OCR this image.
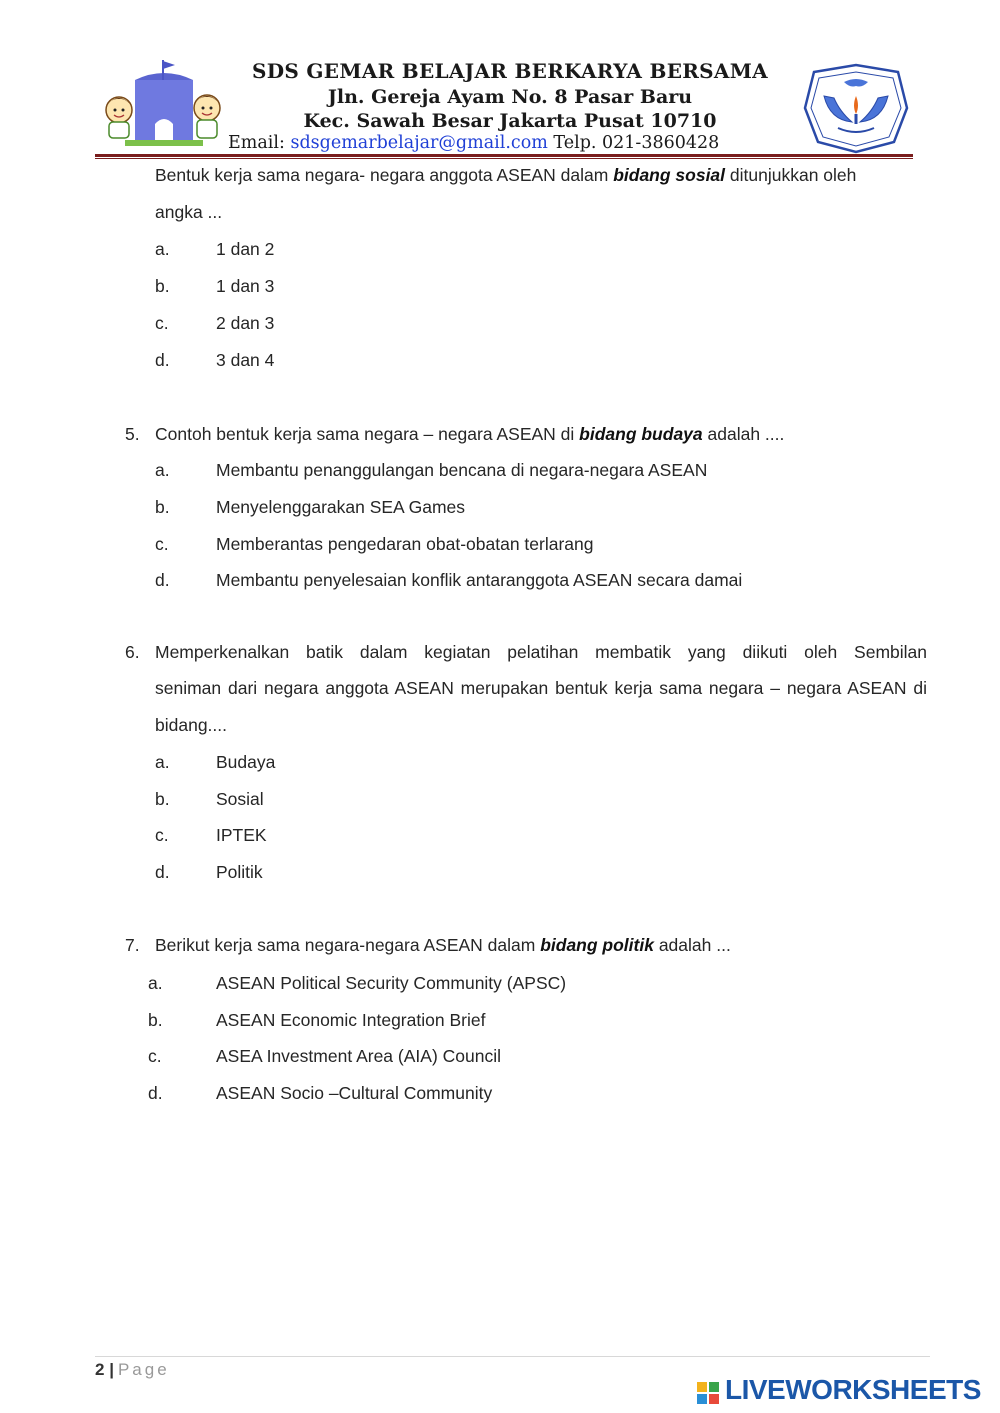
SDS GEMAR BELAJAR BERKARYA BERSAMA
Jln. Gereja Ayam No. 8 Pasar Baru
Kec. Sawah Besar Jakarta Pusat 10710
Email: sdsgemarbelajar@gmail.com Telp. 021-3860428
Bentuk kerja sama negara- negara anggota ASEAN dalam bidang sosial ditunjukkan oleh
angka ...
a.	1 dan 2
b.	1 dan 3
c.	2 dan 3
d.	3 dan 4
5. Contoh bentuk kerja sama negara – negara ASEAN di bidang budaya adalah ....
a.	Membantu penanggulangan bencana di negara-negara ASEAN
b.	Menyelenggarakan SEA Games
c.	Memberantas pengedaran obat-obatan terlarang
d.	Membantu penyelesaian konflik antaranggota ASEAN secara damai
6. Memperkenalkan batik dalam kegiatan pelatihan membatik yang diikuti oleh Sembilan
seniman dari negara anggota ASEAN merupakan bentuk kerja sama negara – negara ASEAN di
bidang....
a.	Budaya
b.	Sosial
c.	IPTEK
d.	Politik
7. Berikut kerja sama negara-negara ASEAN dalam bidang politik adalah ...
a.	ASEAN Political Security Community (APSC)
b.	ASEAN Economic Integration Brief
c.	ASEA Investment Area (AIA) Council
d.	ASEAN Socio –Cultural Community
2 | Page
LIVEWORKSHEETS
